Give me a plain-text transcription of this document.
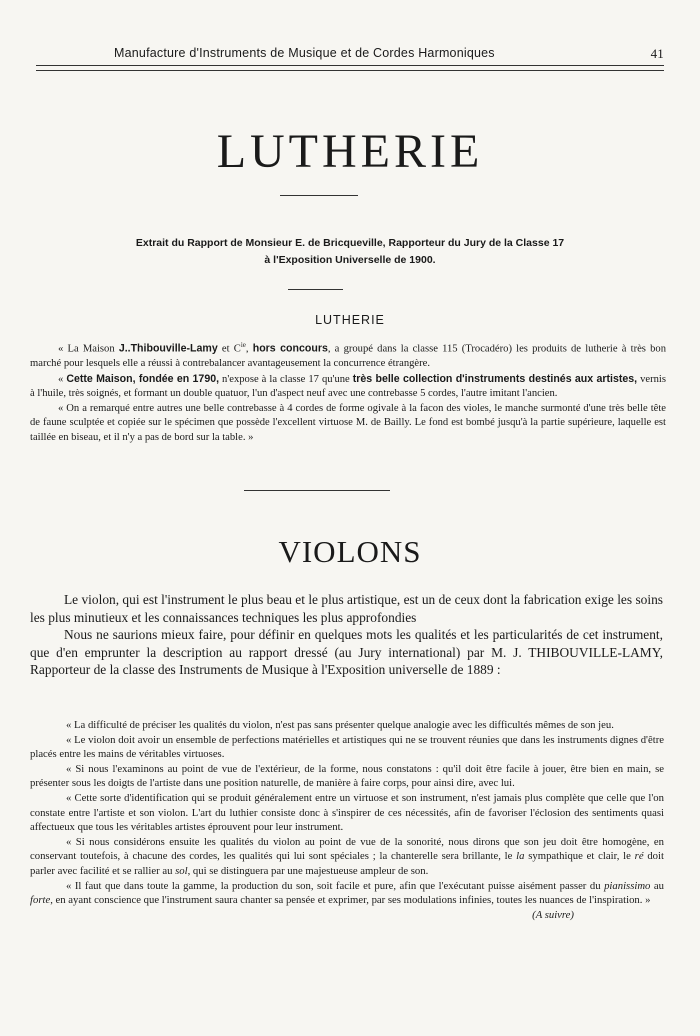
Manufacture d'Instruments de Musique et de Cordes Harmoniques	41
LUTHERIE
Extrait du Rapport de Monsieur E. de Bricqueville, Rapporteur du Jury de la Classe 17
à l'Exposition Universelle de 1900.
LUTHERIE

« La Maison J..Thibouville-Lamy et $C^{ie}$, hors concours, a groupé dans la classe 115 (Trocadéro) les produits de lutherie à très bon marché pour lesquels elle a réussi à contrebalancer avantageusement la concurrence étrangère.

« Cette Maison, fondée en 1790, n'expose à la classe 17 qu'une très belle collection d'instruments destinés aux artistes, vernis à l'huile, très soignés, et formant un double quatuor, l'un d'aspect neuf avec une contrebasse 5 cordes, l'autre imitant l'ancien.

« On a remarqué entre autres une belle contrebasse à 4 cordes de forme ogivale à la facon des violes, le manche surmonté d'une très belle tête de faune sculptée et copiée sur le spécimen que possède l'excellent virtuose M. de Bailly. Le fond est bombé jusqu'à la partie supérieure, laquelle est taillée en biseau, et il n'y a pas de bord sur la table. »

VIOLONS

Le violon, qui est l'instrument le plus beau et le plus artistique, est un de ceux dont la fabrication exige les soins les plus minutieux et les connaissances techniques les plus approfondies

Nous ne saurions mieux faire, pour définir en quelques mots les qualités et les particularités de cet instrument, que d'en emprunter la description au rapport dressé (au Jury international) par M. J. THIBOUVILLE-LAMY, Rapporteur de la classe des Instruments de Musique à l'Exposition universelle de 1889 :

« La difficulté de préciser les qualités du violon, n'est pas sans présenter quelque analogie avec les difficultés mêmes de son jeu.

« Le violon doit avoir un ensemble de perfections matérielles et artistiques qui ne se trouvent réunies que dans les instruments dignes d'être placés entre les mains de véritables virtuoses.

« Si nous l'examinons au point de vue de l'extérieur, de la forme, nous constatons : qu'il doit être facile à jouer, être bien en main, se présenter sous les doigts de l'artiste dans une position naturelle, de manière à faire corps, pour ainsi dire, avec lui.

« Cette sorte d'identification qui se produit généralement entre un virtuose et son instrument, n'est jamais plus complète que celle que l'on constate entre l'artiste et son violon. L'art du luthier consiste donc à s'inspirer de ces nécessités, afin de favoriser l'éclosion des sentiments quasi affectueux que tous les véritables artistes éprouvent pour leur instrument.

« Si nous considérons ensuite les qualités du violon au point de vue de la sonorité, nous dirons que son jeu doit être homogène, en conservant toutefois, à chacune des cordes, les qualités qui lui sont spéciales ; la chanterelle sera brillante, le la sympathique et clair, le ré doit parler avec facilité et se rallier au sol, qui se distinguera par une majestueuse ampleur de son.

« Il faut que dans toute la gamme, la production du son, soit facile et pure, afin que l'exécutant puisse aisément passer du pianissimo au forte, en ayant conscience que l'instrument saura chanter sa pensée et exprimer, par ses modulations infinies, toutes les nuances de l'inspiration. »

(A suivre)
